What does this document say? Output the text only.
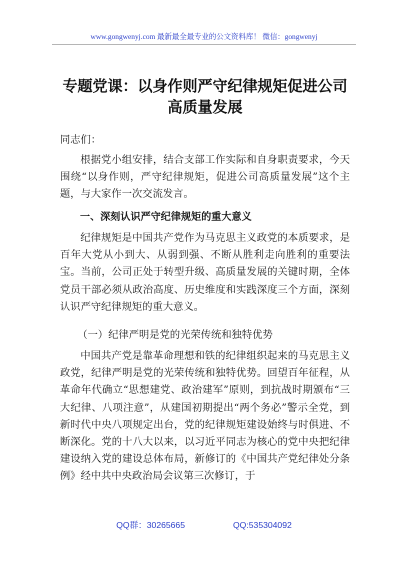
www.gongwenyj.com 最新最全最专业的公文资料库！ 微信：gongwenyj
专题党课：以身作则严守纪律规矩促进公司高质量发展
同志们：
根据党小组安排，结合支部工作实际和自身职责要求，今天围绕“以身作则，严守纪律规矩，促进公司高质量发展”这个主题，与大家作一次交流发言。
一、深刻认识严守纪律规矩的重大意义
纪律规矩是中国共产党作为马克思主义政党的本质要求，是百年大党从小到大、从弱到强、不断从胜利走向胜利的重要法宝。当前，公司正处于转型升级、高质量发展的关键时期，全体党员干部必须从政治高度、历史维度和实践深度三个方面，深刻认识严守纪律规矩的重大意义。
（一）纪律严明是党的光荣传统和独特优势
中国共产党是靠革命理想和铁的纪律组织起来的马克思主义政党，纪律严明是党的光荣传统和独特优势。回望百年征程，从革命年代确立“思想建党、政治建军”原则，到抗战时期颁布“三大纪律、八项注意”，从建国初期提出“两个务必”警示全党，到新时代中央八项规定出台，党的纪律规矩建设始终与时俱进、不断深化。党的十八大以来，以习近平同志为核心的党中央把纪律建设纳入党的建设总体布局，新修订的《中国共产党纪律处分条例》经中共中央政治局会议第三次修订，于
QQ群：30265665	QQ:535304092
